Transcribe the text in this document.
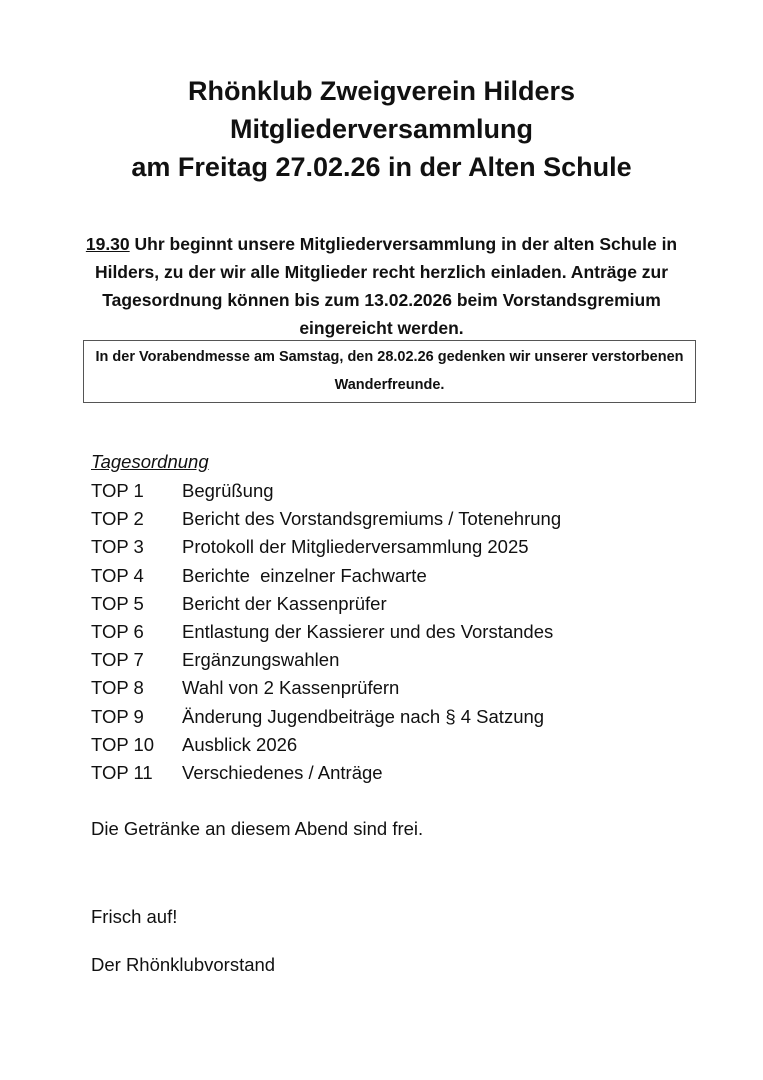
Rhönklub Zweigverein Hilders
Mitgliederversammlung
am Freitag 27.02.26 in der Alten Schule
19.30 Uhr beginnt unsere Mitgliederversammlung in der alten Schule in Hilders, zu der wir alle Mitglieder recht herzlich einladen. Anträge zur Tagesordnung können bis zum 13.02.2026 beim Vorstandsgremium eingereicht werden.
In der Vorabendmesse am Samstag, den 28.02.26 gedenken wir unserer verstorbenen Wanderfreunde.
Tagesordnung
TOP 1 Begrüßung
TOP 2 Bericht des Vorstandsgremiums / Totenehrung
TOP 3 Protokoll der Mitgliederversammlung 2025
TOP 4 Berichte  einzelner Fachwarte
TOP 5 Bericht der Kassenprüfer
TOP 6 Entlastung der Kassierer und des Vorstandes
TOP 7 Ergänzungswahlen
TOP 8 Wahl von 2 Kassenprüfern
TOP 9 Änderung Jugendbeiträge nach § 4 Satzung
TOP 10 Ausblick 2026
TOP 11 Verschiedenes / Anträge
Die Getränke an diesem Abend sind frei.
Frisch auf!
Der Rhönklubvorstand
